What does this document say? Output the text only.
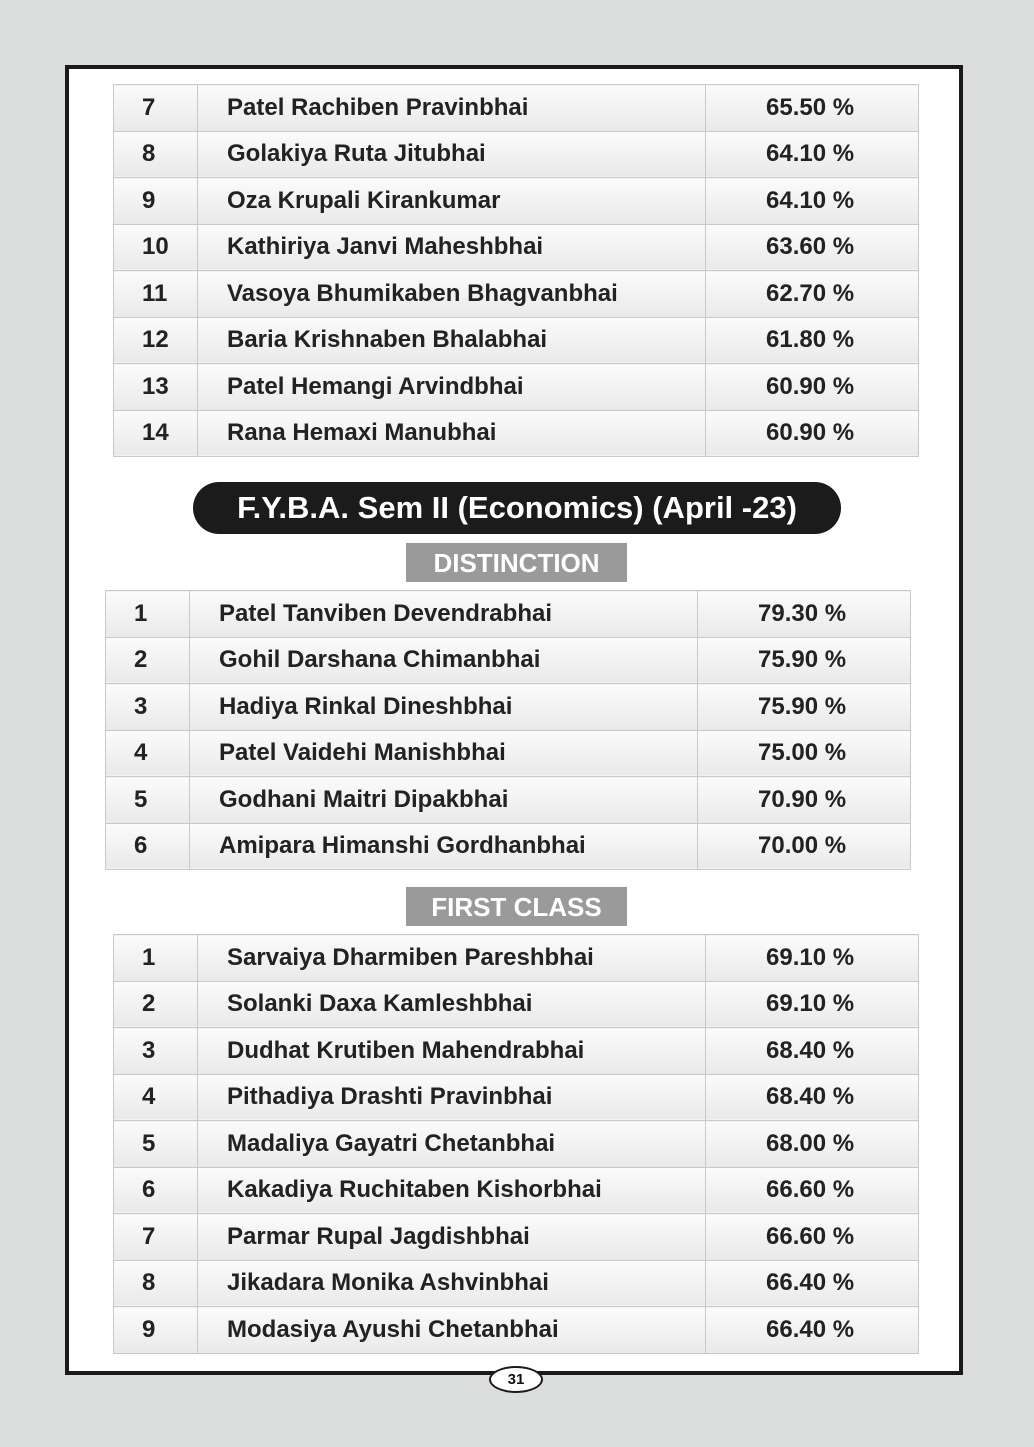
7	Patel Rachiben Pravinbhai	65.50 %
8	Golakiya Ruta Jitubhai	64.10 %
9	Oza Krupali Kirankumar	64.10 %
10	Kathiriya Janvi Maheshbhai	63.60 %
11	Vasoya Bhumikaben Bhagvanbhai	62.70 %
12	Baria Krishnaben Bhalabhai	61.80 %
13	Patel Hemangi Arvindbhai	60.90 %
14	Rana Hemaxi Manubhai	60.90 %
F.Y.B.A. Sem II (Economics) (April -23)
DISTINCTION
1	Patel Tanviben Devendrabhai	79.30 %
2	Gohil Darshana Chimanbhai	75.90 %
3	Hadiya Rinkal Dineshbhai	75.90 %
4	Patel Vaidehi Manishbhai	75.00 %
5	Godhani Maitri Dipakbhai	70.90 %
6	Amipara Himanshi Gordhanbhai	70.00 %
FIRST CLASS
1	Sarvaiya Dharmiben Pareshbhai	69.10 %
2	Solanki Daxa Kamleshbhai	69.10 %
3	Dudhat Krutiben Mahendrabhai	68.40 %
4	Pithadiya Drashti Pravinbhai	68.40 %
5	Madaliya Gayatri Chetanbhai	68.00 %
6	Kakadiya Ruchitaben Kishorbhai	66.60 %
7	Parmar Rupal Jagdishbhai	66.60 %
8	Jikadara Monika Ashvinbhai	66.40 %
9	Modasiya Ayushi Chetanbhai	66.40 %
31
